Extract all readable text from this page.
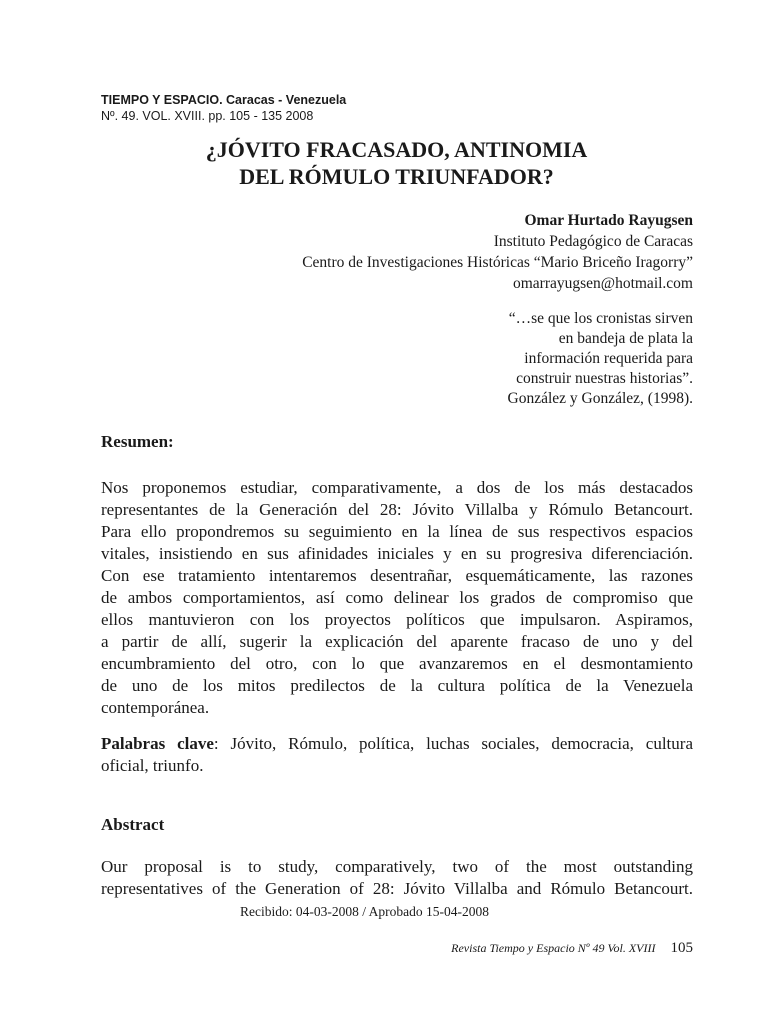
TIEMPO Y ESPACIO. Caracas - Venezuela
Nº. 49. VOL. XVIII. pp. 105 - 135 2008
¿JÓVITO FRACASADO, ANTINOMIA
DEL RÓMULO TRIUNFADOR?
Omar Hurtado Rayugsen
Instituto Pedagógico de Caracas
Centro de Investigaciones Históricas “Mario Briceño Iragorry”
omarrayugsen@hotmail.com
“…se que los cronistas sirven
en bandeja de plata la
información requerida para
construir nuestras historias”.
González y González, (1998).
Resumen:
Nos proponemos estudiar, comparativamente, a dos de los más destacados
representantes de la Generación del 28: Jóvito Villalba y Rómulo Betancourt.
Para ello propondremos su seguimiento en la línea de sus respectivos espacios
vitales, insistiendo en sus afinidades iniciales y en su progresiva diferenciación.
Con ese tratamiento intentaremos desentrañar, esquemáticamente, las razones
de ambos comportamientos, así como delinear los grados de compromiso que
ellos mantuvieron con los proyectos políticos que impulsaron. Aspiramos,
a partir de allí, sugerir la explicación del aparente fracaso de uno y del
encumbramiento del otro, con lo que avanzaremos en el desmontamiento
de uno de los mitos predilectos de la cultura política de la Venezuela
contemporánea.
Palabras clave: Jóvito, Rómulo, política, luchas sociales, democracia, cultura
oficial, triunfo.
Abstract
Our proposal is to study, comparatively, two of the most outstanding
representatives of the Generation of 28: Jóvito Villalba and Rómulo Betancourt.
Recibido: 04-03-2008 / Aprobado 15-04-2008
Revista Tiempo y Espacio Nº 49 Vol. XVIII 105
